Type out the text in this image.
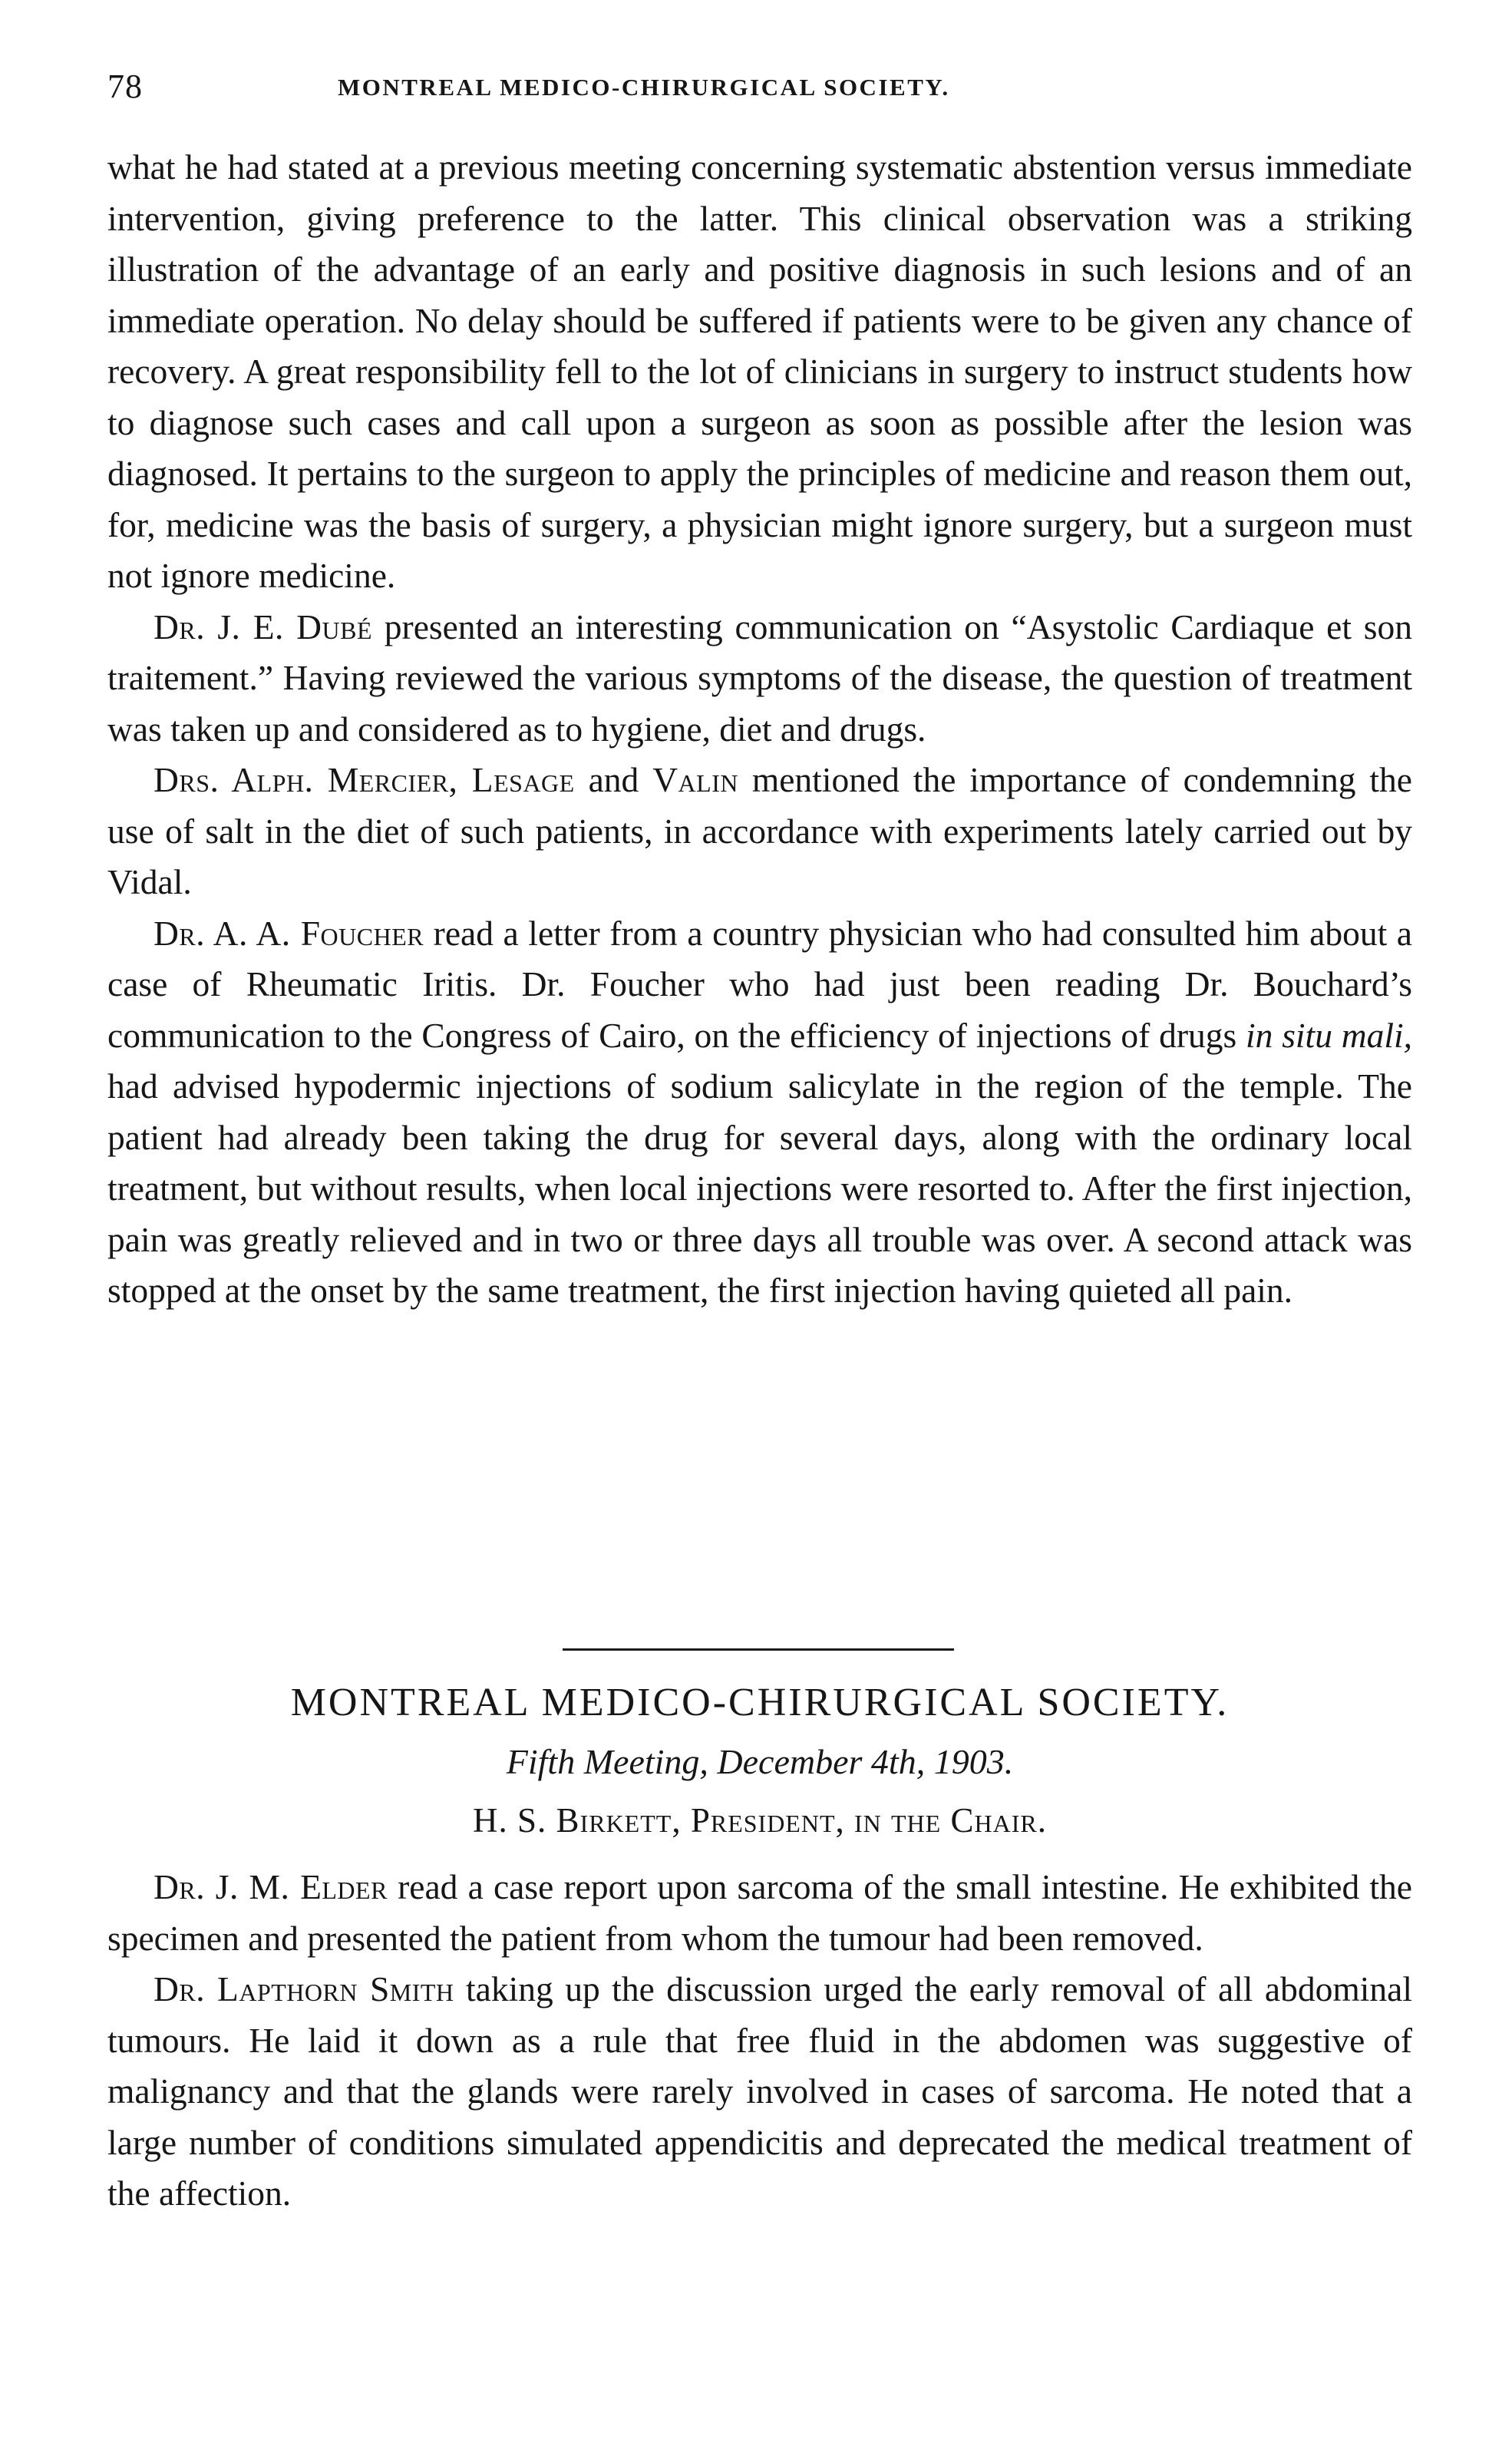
78	MONTREAL MEDICO-CHIRURGICAL SOCIETY.

what he had stated at a previous meeting concerning systematic abstention versus immediate intervention, giving preference to the latter. This clinical observation was a striking illustration of the advantage of an early and positive diagnosis in such lesions and of an immediate operation. No delay should be suffered if patients were to be given any chance of recovery. A great responsibility fell to the lot of clinicians in surgery to instruct students how to diagnose such cases and call upon a surgeon as soon as possible after the lesion was diagnosed. It pertains to the surgeon to apply the principles of medicine and reason them out, for, medicine was the basis of surgery, a physician might ignore surgery, but a surgeon must not ignore medicine.

Dr. J. E. Dubé presented an interesting communication on “Asystolic Cardiaque et son traitement.” Having reviewed the various symptoms of the disease, the question of treatment was taken up and considered as to hygiene, diet and drugs.

Drs. Alph. Mercier, Lesage and Valin mentioned the importance of condemning the use of salt in the diet of such patients, in accordance with experiments lately carried out by Vidal.

Dr. A. A. Foucher read a letter from a country physician who had consulted him about a case of Rheumatic Iritis. Dr. Foucher who had just been reading Dr. Bouchard’s communication to the Congress of Cairo, on the efficiency of injections of drugs in situ mali, had advised hypodermic injections of sodium salicylate in the region of the temple. The patient had already been taking the drug for several days, along with the ordinary local treatment, but without results, when local injections were resorted to. After the first injection, pain was greatly relieved and in two or three days all trouble was over. A second attack was stopped at the onset by the same treatment, the first injection having quieted all pain.

MONTREAL MEDICO-CHIRURGICAL SOCIETY.
Fifth Meeting, December 4th, 1903.
H. S. Birkett, President, in the Chair.

Dr. J. M. Elder read a case report upon sarcoma of the small intestine. He exhibited the specimen and presented the patient from whom the tumour had been removed.

Dr. Lapthorn Smith taking up the discussion urged the early removal of all abdominal tumours. He laid it down as a rule that free fluid in the abdomen was suggestive of malignancy and that the glands were rarely involved in cases of sarcoma. He noted that a large number of conditions simulated appendicitis and deprecated the medical treatment of the affection.
